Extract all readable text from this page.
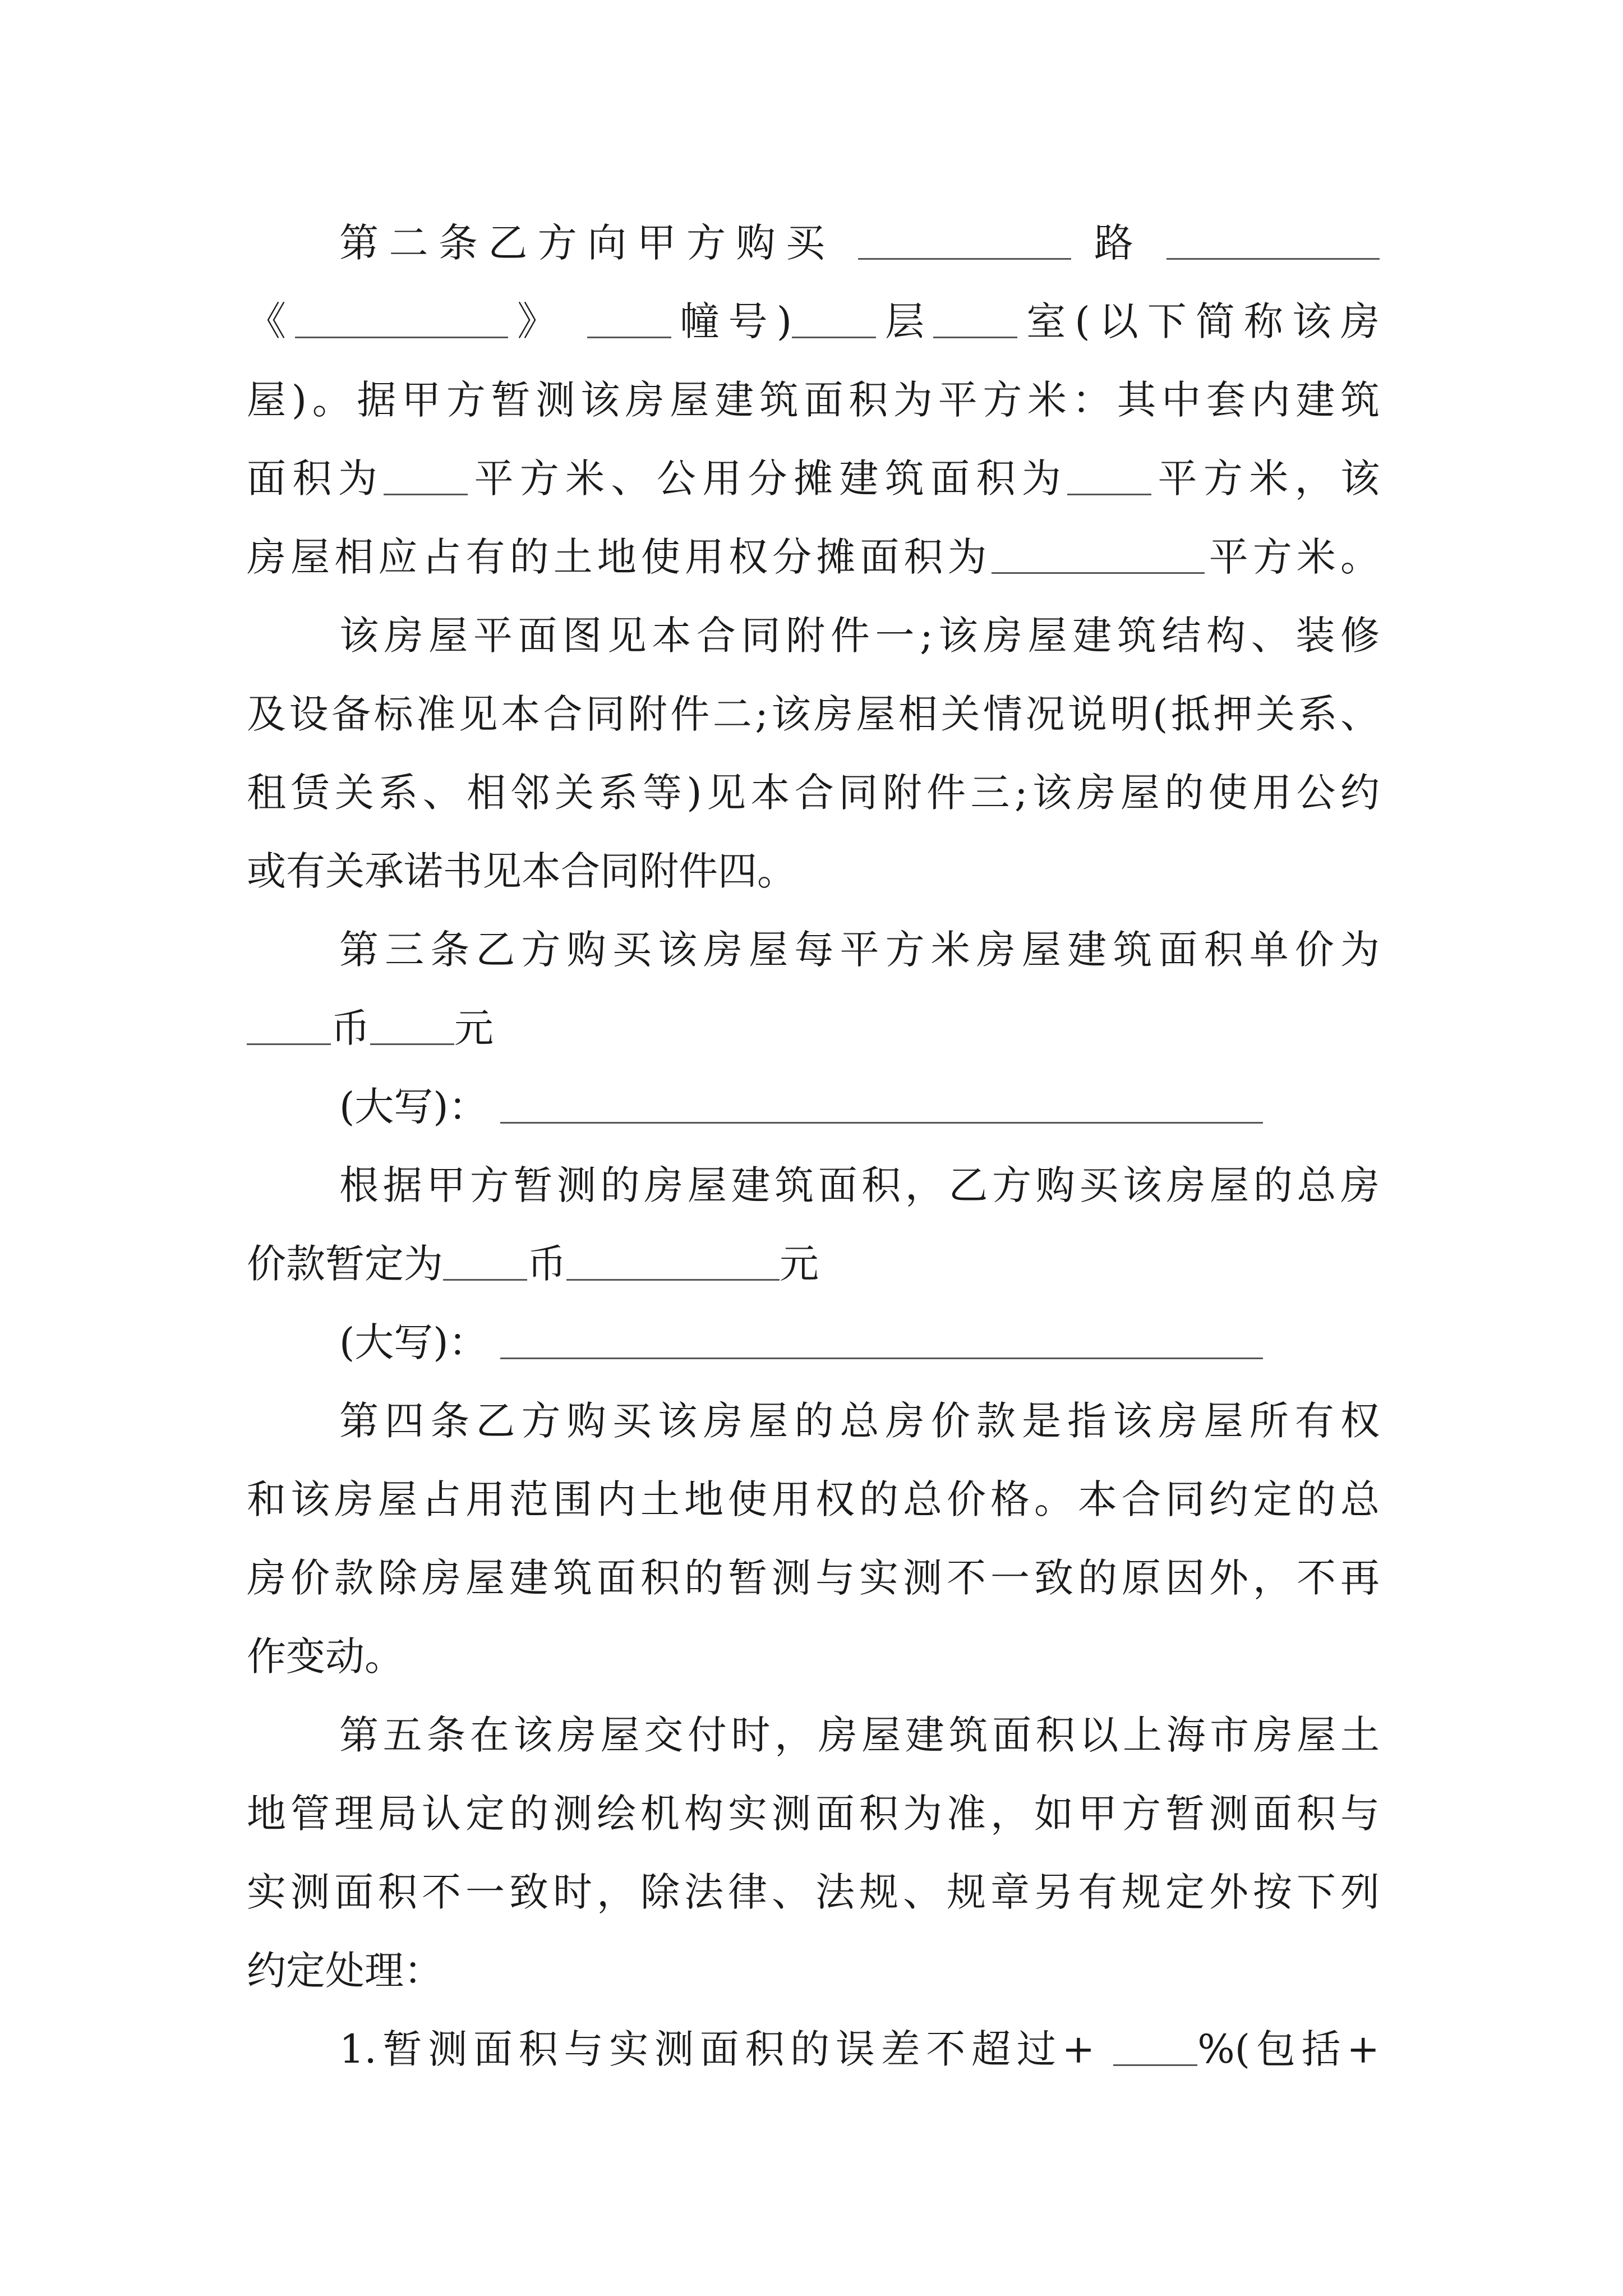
第二条乙方向甲方购买	路
《	》	幢号) 层 室(以下简称该房
屋)。据甲方暂测该房屋建筑面积为平方米：其中套内建筑
面积为 平方米、公用分摊建筑面积为 平方米，该
房屋相应占有的土地使用权分摊面积为	平方米。
该房屋平面图见本合同附件一;该房屋建筑结构、装修
及设备标准见本合同附件二;该房屋相关情况说明(抵押关系、
租赁关系、相邻关系等)见本合同附件三;该房屋的使用公约
或有关承诺书见本合同附件四。
第三条乙方购买该房屋每平方米房屋建筑面积单价为
币 元
(大写)：
根据甲方暂测的房屋建筑面积，乙方购买该房屋的总房
价款暂定为 币	元
(大写)：
第四条乙方购买该房屋的总房价款是指该房屋所有权
和该房屋占用范围内土地使用权的总价格。本合同约定的总
房价款除房屋建筑面积的暂测与实测不一致的原因外，不再
作变动。
第五条在该房屋交付时，房屋建筑面积以上海市房屋土
地管理局认定的测绘机构实测面积为准，如甲方暂测面积与
实测面积不一致时，除法律、法规、规章另有规定外按下列
约定处理：
1.暂测面积与实测面积的误差不超过+	%(包括+
